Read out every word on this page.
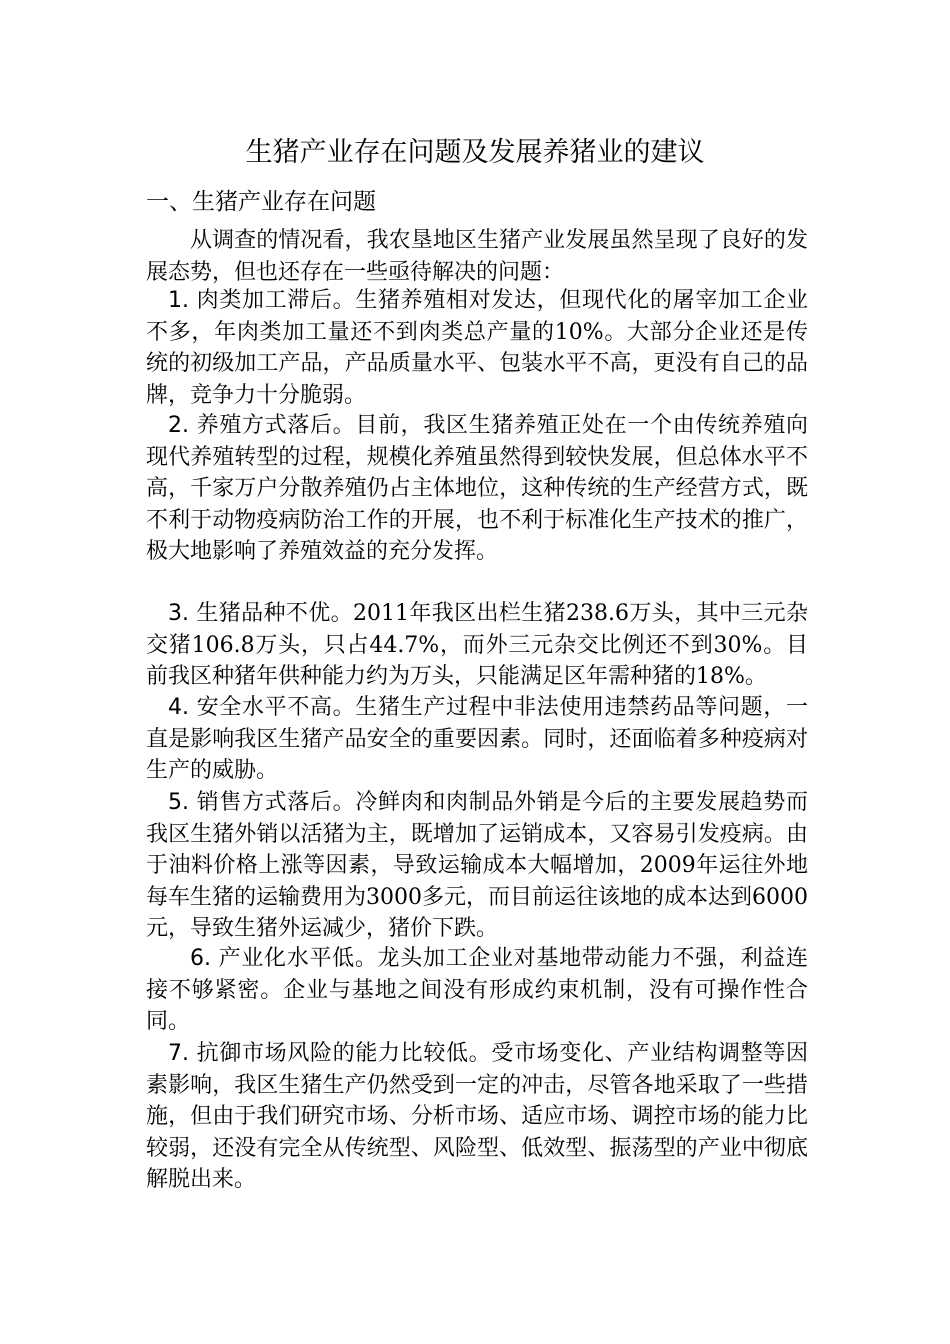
生猪产业存在问题及发展养猪业的建议
一、生猪产业存在问题
从调查的情况看，我农垦地区生猪产业发展虽然呈现了良好的发展态势，但也还存在一些亟待解决的问题：
1. 肉类加工滞后。生猪养殖相对发达，但现代化的屠宰加工企业不多，年肉类加工量还不到肉类总产量的10%。大部分企业还是传统的初级加工产品，产品质量水平、包装水平不高，更没有自己的品牌，竞争力十分脆弱。
2. 养殖方式落后。目前，我区生猪养殖正处在一个由传统养殖向现代养殖转型的过程，规模化养殖虽然得到较快发展，但总体水平不高，千家万户分散养殖仍占主体地位，这种传统的生产经营方式，既不利于动物疫病防治工作的开展，也不利于标准化生产技术的推广，极大地影响了养殖效益的充分发挥。
3. 生猪品种不优。2011年我区出栏生猪238.6万头，其中三元杂交猪106.8万头，只占44.7%，而外三元杂交比例还不到30%。目前我区种猪年供种能力约为万头，只能满足区年需种猪的18%。
4. 安全水平不高。生猪生产过程中非法使用违禁药品等问题，一直是影响我区生猪产品安全的重要因素。同时，还面临着多种疫病对生产的威胁。
5. 销售方式落后。冷鲜肉和肉制品外销是今后的主要发展趋势而我区生猪外销以活猪为主，既增加了运销成本，又容易引发疫病。由于油料价格上涨等因素，导致运输成本大幅增加，2009年运往外地每车生猪的运输费用为3000多元，而目前运往该地的成本达到6000元，导致生猪外运减少，猪价下跌。
6. 产业化水平低。龙头加工企业对基地带动能力不强，利益连接不够紧密。企业与基地之间没有形成约束机制，没有可操作性合同。
7. 抗御市场风险的能力比较低。受市场变化、产业结构调整等因素影响，我区生猪生产仍然受到一定的冲击，尽管各地采取了一些措施，但由于我们研究市场、分析市场、适应市场、调控市场的能力比较弱，还没有完全从传统型、风险型、低效型、振荡型的产业中彻底解脱出来。
